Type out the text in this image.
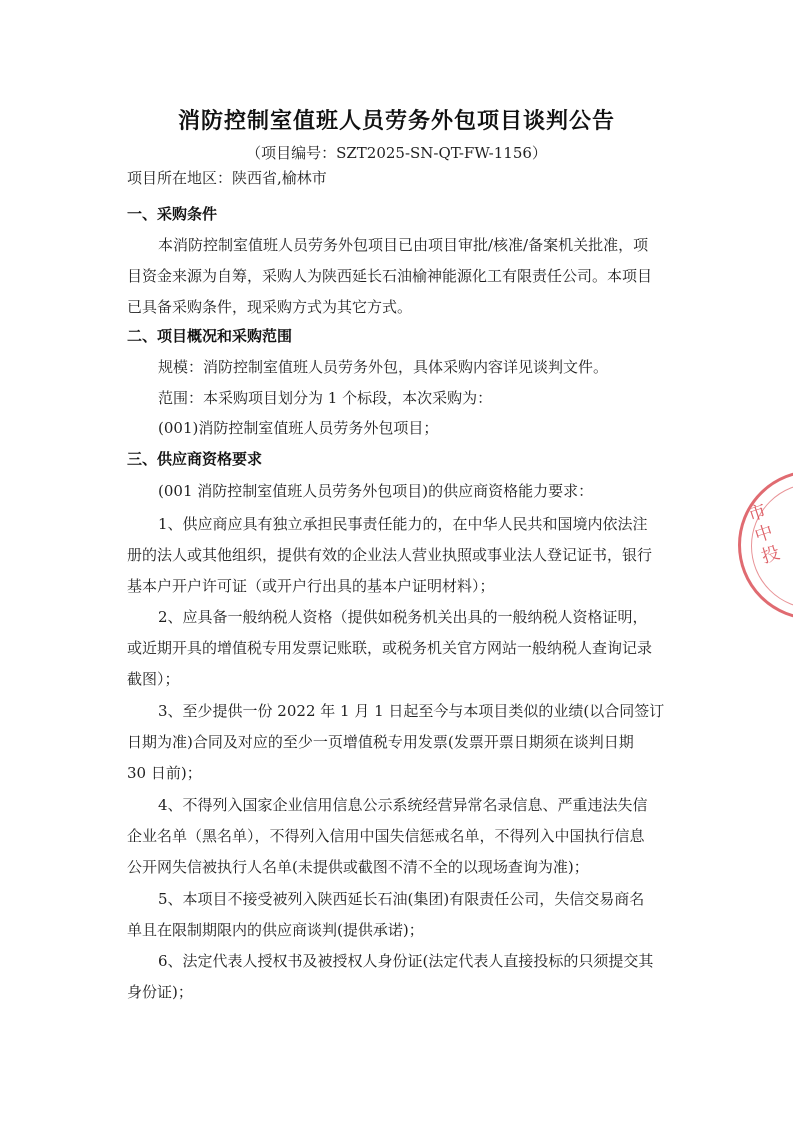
消防控制室值班人员劳务外包项目谈判公告
（项目编号：SZT2025-SN-QT-FW-1156）
项目所在地区：陕西省,榆林市
一、采购条件
本消防控制室值班人员劳务外包项目已由项目审批/核准/备案机关批准，项
目资金来源为自筹，采购人为陕西延长石油榆神能源化工有限责任公司。本项目
已具备采购条件，现采购方式为其它方式。
二、项目概况和采购范围
规模：消防控制室值班人员劳务外包，具体采购内容详见谈判文件。
范围：本采购项目划分为 1 个标段，本次采购为：
(001)消防控制室值班人员劳务外包项目；
三、供应商资格要求
(001 消防控制室值班人员劳务外包项目)的供应商资格能力要求：
1、供应商应具有独立承担民事责任能力的，在中华人民共和国境内依法注
册的法人或其他组织，提供有效的企业法人营业执照或事业法人登记证书，银行
基本户开户许可证（或开户行出具的基本户证明材料）；
2、应具备一般纳税人资格（提供如税务机关出具的一般纳税人资格证明，
或近期开具的增值税专用发票记账联，或税务机关官方网站一般纳税人查询记录
截图）；
3、至少提供一份 2022 年 1 月 1 日起至今与本项目类似的业绩(以合同签订
日期为准)合同及对应的至少一页增值税专用发票(发票开票日期须在谈判日期
30 日前)；
4、不得列入国家企业信用信息公示系统经营异常名录信息、严重违法失信
企业名单（黑名单），不得列入信用中国失信惩戒名单，不得列入中国执行信息
公开网失信被执行人名单(未提供或截图不清不全的以现场查询为准)；
5、本项目不接受被列入陕西延长石油(集团)有限责任公司，失信交易商名
单且在限制期限内的供应商谈判(提供承诺)；
6、法定代表人授权书及被授权人身份证(法定代表人直接投标的只须提交其
身份证)；
市中投
